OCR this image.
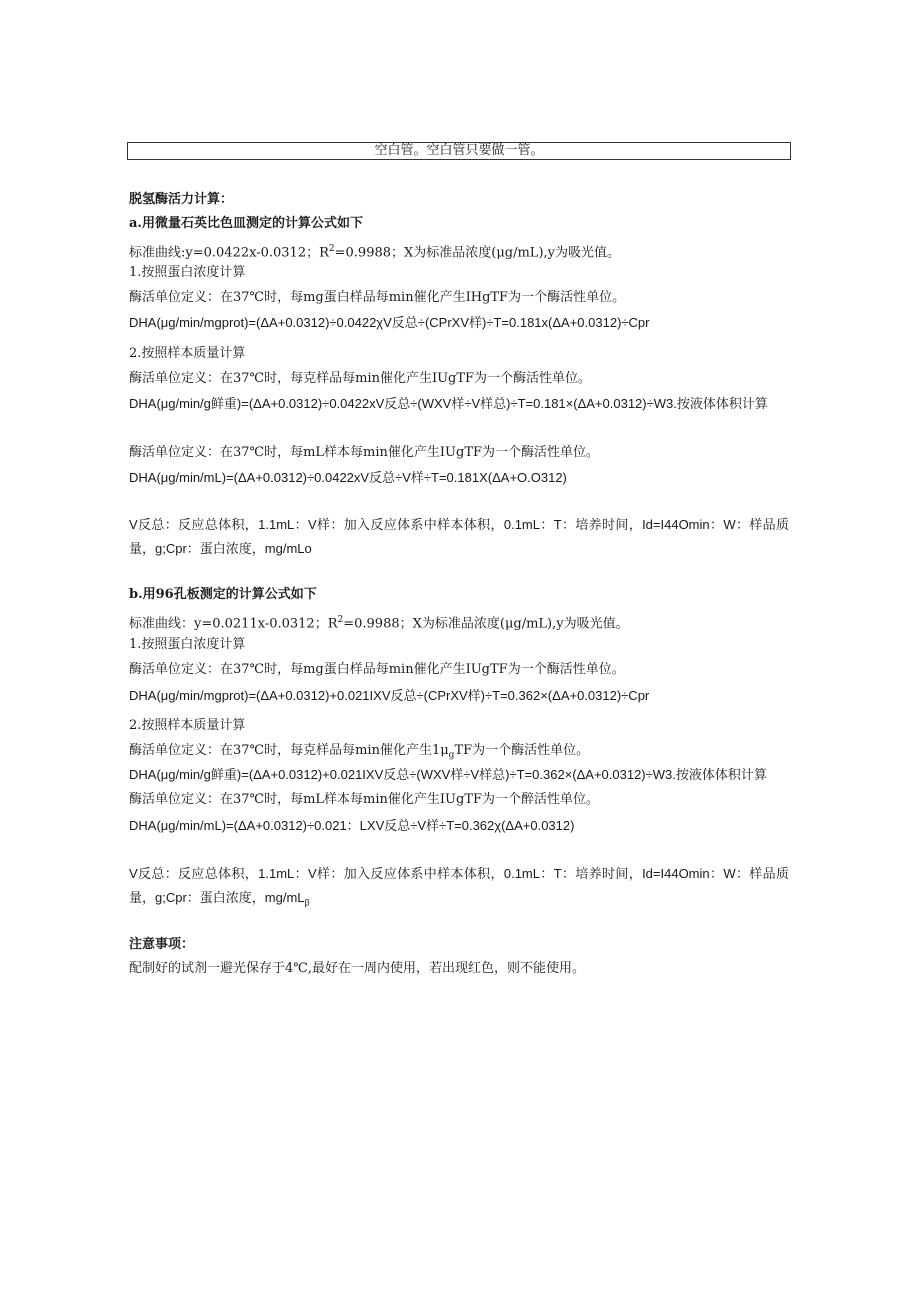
空白管。空白管只要做一管。
脱氢酶活力计算：
a.用微量石英比色皿测定的计算公式如下
标准曲线:y=0.0422x-0.0312；$R^2=0.9988$；X为标准品浓度(μg/mL),y为吸光值。
1.按照蛋白浓度计算
酶活单位定义：在37℃时，每mg蛋白样品每min催化产生IHgTF为一个酶活性单位。
DHA(μg/min/mgprot)=(ΔA+0.0312)÷0.0422χV反总÷(CPrXV样)÷T=0.181x(ΔA+0.0312)÷Cpr
2.按照样本质量计算
酶活单位定义：在37℃时，每克样品每min催化产生IUgTF为一个酶活性单位。
DHA(μg/min/g鲜重)=(ΔA+0.0312)÷0.0422xV反总÷(WXV样÷V样总)÷T=0.181×(ΔA+0.0312)÷W3.按液体体积计算
酶活单位定义：在37℃时，每mL样本每min催化产生IUgTF为一个酶活性单位。
DHA(μg/min/mL)=(ΔA+0.0312)÷0.0422xV反总÷V样÷T=0.181X(ΔA+O.O312)
V反总：反应总体积，1.1mL：V样：加入反应体系中样本体积，0.1mL：T：培养时间，Id=I44Omin：W：样品质量，g;Cpr：蛋白浓度，mg/mLo
b.用96孔板测定的计算公式如下
标准曲线：y=0.0211x-0.0312；$R^2=0.9988$；X为标准品浓度(μg/mL),y为吸光值。
1.按照蛋白浓度计算
酶活单位定义：在37℃时，每mg蛋白样品每min催化产生IUgTF为一个酶活性单位。
DHA(μg/min/mgprot)=(ΔA+0.0312)+0.021IXV反总÷(CPrXV样)÷T=0.362×(ΔA+0.0312)÷Cpr
2.按照样本质量计算
酶活单位定义：在37℃时，每克样品每min催化产生$1\mu_gTF$为一个酶活性单位。
DHA(μg/min/g鲜重)=(ΔA+0.0312)+0.021IXV反总÷(WXV样÷V样总)÷T=0.362×(ΔA+0.0312)÷W3.按液体体积计算
酶活单位定义：在37℃时，每mL样本每min催化产生IUgTF为一个醉活性单位。
DHA(μg/min/mL)=(ΔA+0.0312)÷0.021：LXV反总÷V样÷T=0.362χ(ΔA+0.0312)
V反总：反应总体积，1.1mL：V样：加入反应体系中样本体积，0.1mL：T：培养时间，Id=I44Omin：W：样品质量，g;Cpr：蛋白浓度，$mg/mL_\beta$
注意事项：
配制好的试剂一避光保存于4℃,最好在一周内使用，若出现红色，则不能使用。
